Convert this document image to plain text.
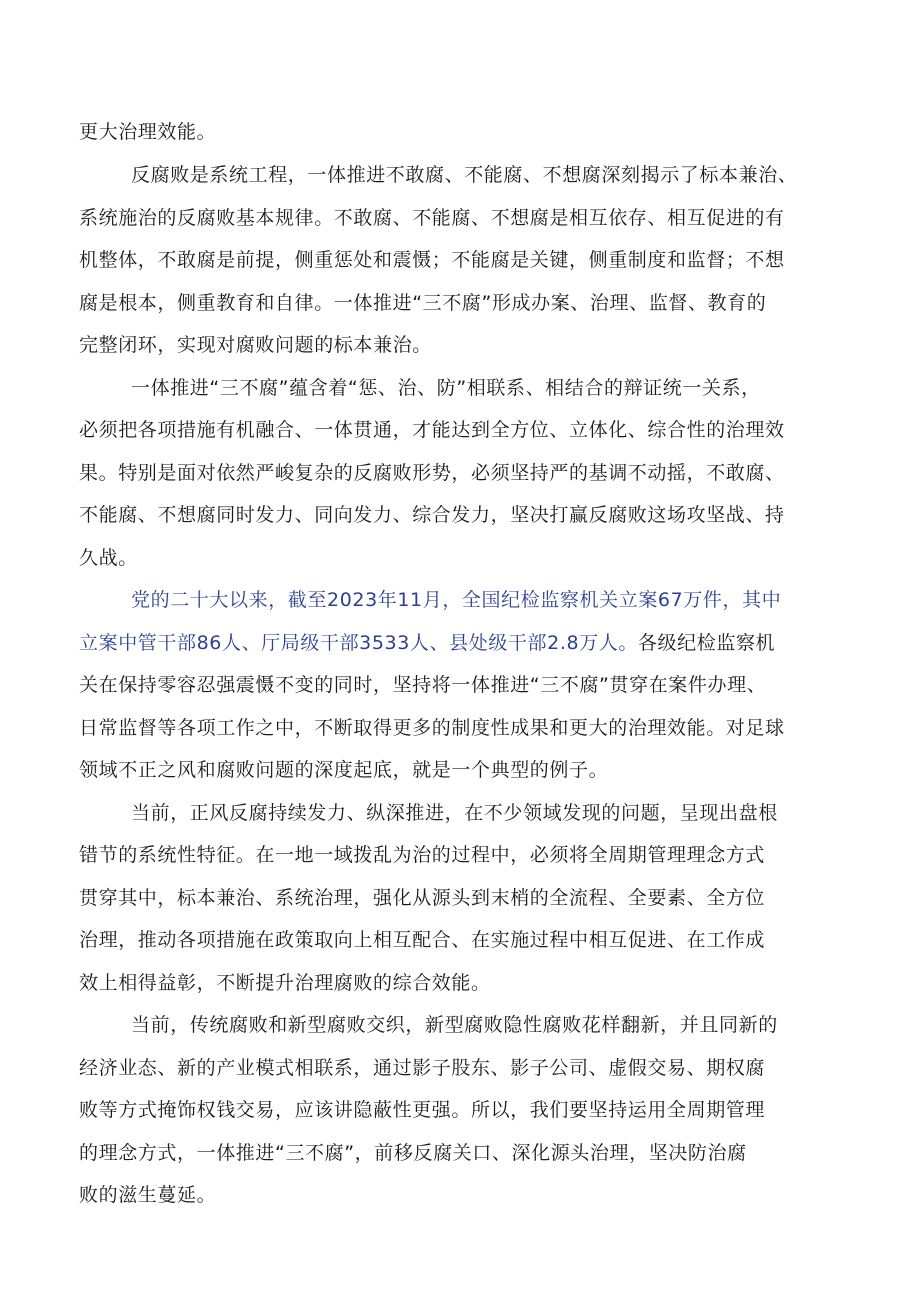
更大治理效能。
反腐败是系统工程，一体推进不敢腐、不能腐、不想腐深刻揭示了标本兼治、
系统施治的反腐败基本规律。不敢腐、不能腐、不想腐是相互依存、相互促进的有
机整体，不敢腐是前提，侧重惩处和震慑；不能腐是关键，侧重制度和监督；不想
腐是根本，侧重教育和自律。一体推进“三不腐”形成办案、治理、监督、教育的
完整闭环，实现对腐败问题的标本兼治。
一体推进“三不腐”蕴含着“惩、治、防”相联系、相结合的辩证统一关系，
必须把各项措施有机融合、一体贯通，才能达到全方位、立体化、综合性的治理效
果。特别是面对依然严峻复杂的反腐败形势，必须坚持严的基调不动摇，不敢腐、
不能腐、不想腐同时发力、同向发力、综合发力，坚决打赢反腐败这场攻坚战、持
久战。
党的二十大以来，截至2023年11月，全国纪检监察机关立案67万件，其中
立案中管干部86人、厅局级干部3533人、县处级干部2.8万人。各级纪检监察机
关在保持零容忍强震慑不变的同时，坚持将一体推进“三不腐”贯穿在案件办理、
日常监督等各项工作之中，不断取得更多的制度性成果和更大的治理效能。对足球
领域不正之风和腐败问题的深度起底，就是一个典型的例子。
当前，正风反腐持续发力、纵深推进，在不少领域发现的问题，呈现出盘根
错节的系统性特征。在一地一域拨乱为治的过程中，必须将全周期管理理念方式
贯穿其中，标本兼治、系统治理，强化从源头到末梢的全流程、全要素、全方位
治理，推动各项措施在政策取向上相互配合、在实施过程中相互促进、在工作成
效上相得益彰，不断提升治理腐败的综合效能。
当前，传统腐败和新型腐败交织，新型腐败隐性腐败花样翻新，并且同新的
经济业态、新的产业模式相联系，通过影子股东、影子公司、虚假交易、期权腐
败等方式掩饰权钱交易，应该讲隐蔽性更强。所以，我们要坚持运用全周期管理
的理念方式，一体推进“三不腐”，前移反腐关口、深化源头治理，坚决防治腐
败的滋生蔓延。
